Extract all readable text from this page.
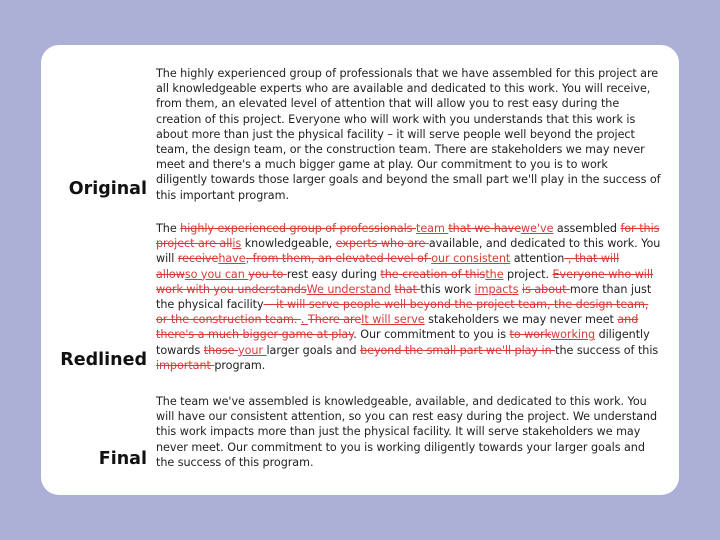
Original

The highly experienced group of professionals that we have assembled for this project are all knowledgeable experts who are available and dedicated to this work. You will receive, from them, an elevated level of attention that will allow you to rest easy during the creation of this project. Everyone who will work with you understands that this work is about more than just the physical facility – it will serve people well beyond the project team, the design team, or the construction team. There are stakeholders we may never meet and there's a much bigger game at play. Our commitment to you is to work diligently towards those larger goals and beyond the small part we'll play in the success of this important program.

Redlined

The highly experienced group of professionals team that we havewe've assembled for this project are allis knowledgeable, experts who are available, and dedicated to this work. You will receivehave, from them, an elevated level of our consistent attention , that will allowso you can you to rest easy during the creation of thisthe project. Everyone who will work with you understandsWe understand that this work impacts is about more than just the physical facility – it will serve people well beyond the project team, the design team, or the construction team. . There areIt will serve stakeholders we may never meet and there's a much bigger game at play. Our commitment to you is to workworking diligently towards those your larger goals and beyond the small part we'll play in the success of this important program.

Final

The team we've assembled is knowledgeable, available, and dedicated to this work. You will have our consistent attention, so you can rest easy during the project. We understand this work impacts more than just the physical facility. It will serve stakeholders we may never meet. Our commitment to you is working diligently towards your larger goals and the success of this program.
